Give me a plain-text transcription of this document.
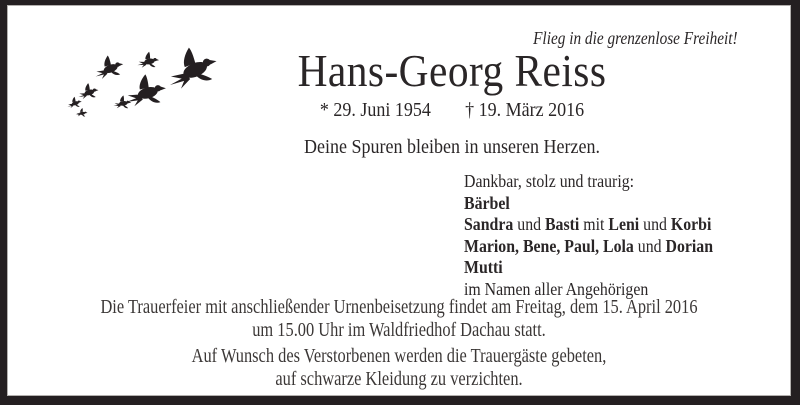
Flieg in die grenzenlose Freiheit!
Hans-Georg Reiss
* 29. Juni 1954 † 19. März 2016
Deine Spuren bleiben in unseren Herzen.
Dankbar, stolz und traurig:
Bärbel
Sandra und Basti mit Leni und Korbi
Marion, Bene, Paul, Lola und Dorian
Mutti
im Namen aller Angehörigen
Die Trauerfeier mit anschließender Urnenbeisetzung findet am Freitag, dem 15. April 2016
um 15.00 Uhr im Waldfriedhof Dachau statt.
Auf Wunsch des Verstorbenen werden die Trauergäste gebeten,
auf schwarze Kleidung zu verzichten.
